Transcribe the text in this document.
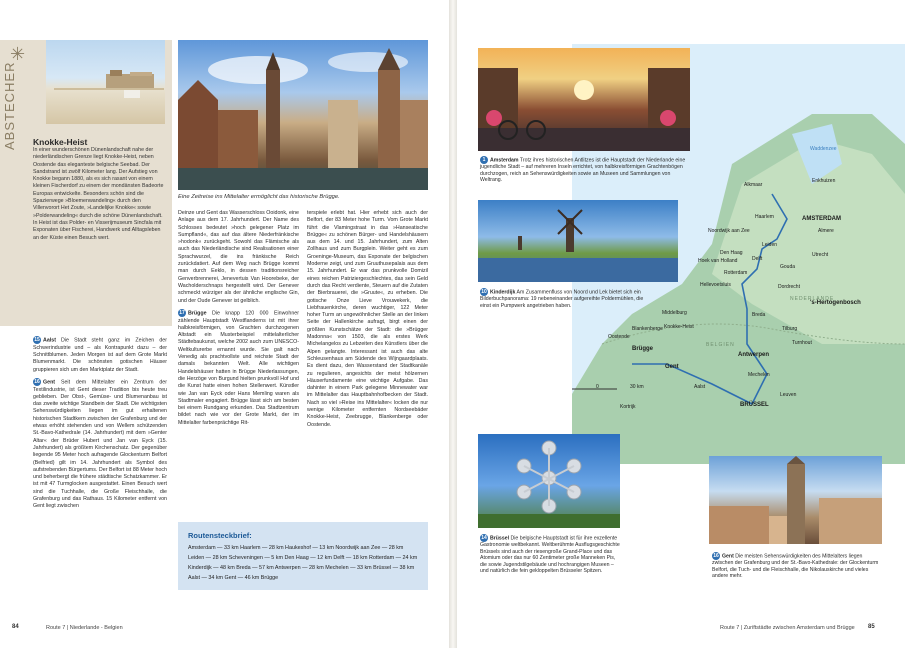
✳
ABSTECHER	Knokke-Heist
In einer wunderschönen Dünenlandschaft nahe der niederländischen Grenze liegt Knokke-Heist, neben Oostende das eleganteste belgische Seebad. Der Sandstrand ist zwölf Kilometer lang. Der Aufstieg von Knokke begann 1880, als es sich rasant von einem kleinen Fischerdorf zu einem der mondänsten Badeorte Europas entwickelte. Besonders schön sind die Spazierwege »Bloemenwandeling« durch den Villenvorort Het Zoute, »Landelijke Knokke« sowie »Polderwandeling« durch die schöne Dünenlandschaft. In Heist ist das Polder- en Visserijmuseum Sincfala mit Exponaten über Fischerei, Handwerk und Alltagsleben an der Küste einen Besuch wert.
Eine Zeitreise ins Mittelalter ermöglicht das historische Brügge.

15 Aalst Die Stadt steht ganz im Zeichen der Schwerindustrie und – als Kontrapunkt dazu – der Schnittblumen. Jeden Morgen ist auf dem Grote Markt Blumenmarkt. Die schönsten gotischen Häuser gruppieren sich um den Marktplatz der Stadt.

16 Gent Seit dem Mittelalter ein Zentrum der Textilindustrie, ist Gent dieser Tradition bis heute treu geblieben. Der Obst-, Gemüse- und Blumenanbau ist das zweite wichtige Standbein der Stadt. Die wichtigsten Sehenswürdigkeiten liegen im gut erhaltenen historischen Stadtkern zwischen der Grafenburg und der etwas erhöht stehenden und von Wellem schützenden St.-Bavo-Kathedrale (14. Jahrhundert) mit dem »Genter Altar« der Brüder Hubert und Jan van Eyck (15. Jahrhundert) als größtem Kirchenschatz. Der gegenüber liegende 95 Meter hoch aufragende Glockenturm Belfort (Belfried) gilt im 14. Jahrhundert als Symbol des aufstrebenden Bürgertums. Der Belfort ist 88 Meter hoch und beherbergt die frühere städtische Schatzkammer. Er ist mit 47 Turmglocken ausgestattet. Einen Besuch wert sind die Tuchhalle, die Große Fleischhalle, die Grafenburg und das Rathaus. 15 Kilometer entfernt von Gent liegt zwischen

Deinze und Gent das Wasserschloss Ooidonk, eine Anlage aus dem 17. Jahrhundert. Der Name des Schlosses bedeutet »hoch gelegener Platz im Sumpfland«, das auf das ältere Niederfränkische »hodonk« zurückgeht. Sowohl das Flämische als auch das Niederländische sind Realisationen einer Sprachwurzel, die ins fränkische Reich zurückdatiert. Auf dem Weg nach Brügge kommt man durch Eeklo, in dessen traditionsreicher Genverbrennerei, Jenevertuis Van Hoorebeke, der Wacholderschnaps hergestellt wird. Der Genever schmeckt würziger als der ähnliche englische Gin, und der Oude Genever ist gelblich.

17 Brügge Die knapp 120 000 Einwohner zählende Hauptstadt Westflanderns ist mit ihrer halbkreisförmigen, von Grachten durchzogenen Altstadt ein Musterbeispiel mittelalterlicher Städtebaukunst, welche 2002 auch zum UNESCO-Weltkulturerbe ernannt wurde. Sie galt nach Venedig als prachtvollste und reichste Stadt der damals bekannten Welt. Alle wichtigen Handelshäuser hatten in Brügge Niederlassungen, die Herzöge von Burgund hielten prunkvoll Hof und die Kunst hatte einen hohen Stellenwert. Künstler wie Jan van Eyck oder Hans Memling waren als Stadtmaler engagiert. Brügge lässt sich am besten bei einem Rundgang erkunden. Das Stadtzentrum bildet nach wie vor der Grote Markt, der im Mittelalter farbenprächtige Rit-

terspiele erlebt hat. Hier erhebt sich auch der Belfort, der 83 Meter hohe Turm. Vom Grote Markt führt die Vlamingstraat in das »Hanseatische Brügge« zu schönen Bürger- und Handelshäusern aus dem 14. und 15. Jahrhundert, zum Alten Zollhaus und zum Burgplein. Weiter geht es zum Groeninge-Museum, das Exponate der belgischen Moderne zeigt, und zum Gruuthusepalais aus dem 15. Jahrhundert. Er war das prunkvolle Domizil eines reichen Patriziergeschlechtes, das sein Geld durch das Recht verdiente, Steuern auf die Zutaten der Bierbrauerei, die »Gruute«, zu erheben. Die gotische Onze Lieve Vrouwekerk, die Liebfrauenkirche, deren wuchtiger, 122 Meter hoher Turm an ungewöhnlicher Stelle an der linken Seite der Hallenkirche aufragt, birgt einen der größten Kunstschätze der Stadt: die »Brügger Madonna« von 1503, die als erstes Werk Michelangelos zu Lebzeiten des Künstlers über die Alpen gelangte. Interessant ist auch das alte Schleusenhaus am Südende des Wijngaardplaats. Es dient dazu, den Wasserstand der Stadtkanäle zu regulieren, angesichts der meist hölzernen Häuserfundamente eine wichtige Aufgabe. Das dahinter in einem Park gelegene Minnewater war im Mittelalter das Hauptbahnhofbecken der Stadt. Nach so viel »Reise ins Mittelalter« locken die nur wenige Kilometer entfernten Nordseebäder Knokke-Heist, Zeebrugge, Blankenberge oder Oostende.
Routensteckbrief:
Amsterdam — 33 km Haarlem — 28 km Haukeshof — 13 km Noordwijk aan Zee — 28 km
Leiden — 28 km Scheveningen — 5 km Den Haag — 12 km Delft — 18 km Rotterdam — 24 km
Kinderdijk — 48 km Breda — 57 km Antwerpen — 28 km Mechelen — 33 km Brüssel — 38 km
Aalst — 34 km Gent — 46 km Brügge
84	Route 7 | Niederlande - Belgien
Waddenzee
Alkmaar
Enkhuizen
Haarlem	AMSTERDAM
Almere
Noordwijk aan Zee
Den Haag
Leiden
Utrecht
Hoek van Holland	Delft
Gouda
Rotterdam
Dordrecht
Hellevoetsluis
Middelburg	Breda
's-Hertogenbosch
Tilburg
Antwerpen
Mechelen
BRÜSSEL
Gent
Brügge
Aalst
Blankenberge
Oostende
Knokke-Heist
Leuven
Turnhout
Kortrijk
NEDERLANDE
BELGIEN
0	30 km
1 Amsterdam Trotz ihres historischen Antlitzes ist die Hauptstadt der Niederlande eine jugendliche Stadt – auf mehreren Inseln errichtet, von halbkreisförmigen Grachtenbögen durchzogen, reich an Sehenswürdigkeiten sowie an Museen und Sammlungen von Weltrang.
10 Kinderdijk Am Zusammenfluss von Noord und Lek bietet sich ein Bilderbuchpanorama: 19 nebeneinander aufgereihte Poldermühlen, die einst ein Pumpwerk angetrieben haben.
14 Brüssel Die belgische Hauptstadt ist für ihre exzellente Gastronomie weltbekannt. Weltberühmte Ausflugsgeschichte Brüssels sind auch der riesengroße Grand-Place und das Atomium oder das nur 60 Zentimeter große Manneken Pis, die sowie Jugendstilgebäude und hochrangigen Museen – und natürlich die fein gekloppelten Brüsseler Spitzen.
16 Gent Die meisten Sehenswürdigkeiten des Mittelalters liegen zwischen der Grafenburg und der St.-Bavo-Kathedrale: der Glockenturm Belfort, die Tuch- und die Fleischhalle, die Nikolauskirche und vieles andere mehr.
Route 7 | Zuriftstädte zwischen Amsterdam und Brügge 85
